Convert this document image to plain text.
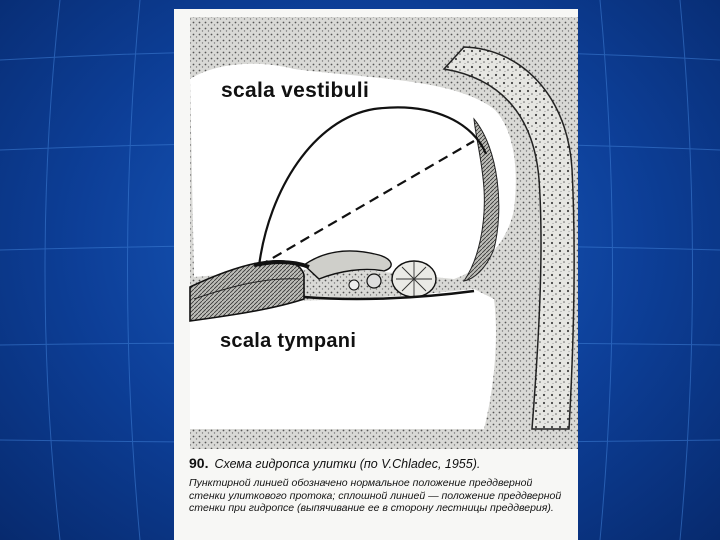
scala vestibuli
scala tympani
90. Схема гидропса улитки (по V.Chladec, 1955).
Пунктирной линией обозначено нормальное положение преддверной стенки улиткового протока; сплошной линией — положение преддверной стенки при гидропсе (выпячивание ее в сторону лестницы преддверия).
